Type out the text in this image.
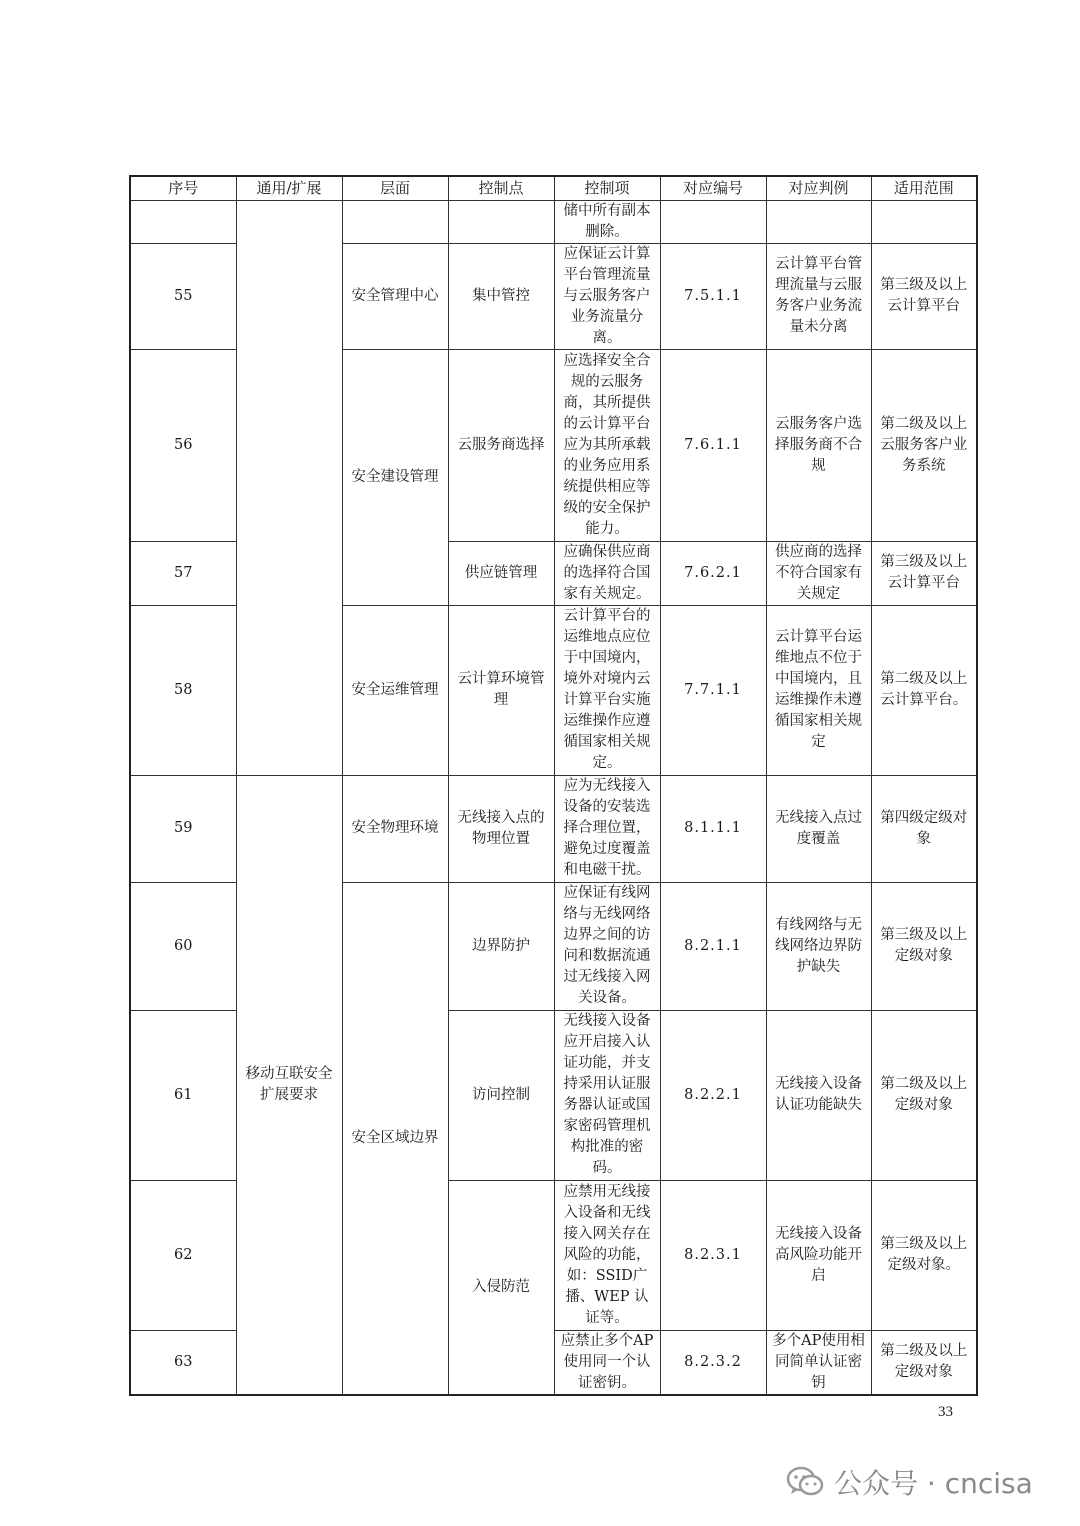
序号	通用/扩展	层面	控制点	控制项	对应编号	对应判例	适用范围
				储中所有副本删除。			
55		安全管理中心	集中管控	应保证云计算平台管理流量与云服务客户业务流量分离。	7.5.1.1	云计算平台管理流量与云服务客户业务流量未分离	第三级及以上云计算平台
56		安全建设管理	云服务商选择	应选择安全合规的云服务商，其所提供的云计算平台应为其所承载的业务应用系统提供相应等级的安全保护能力。	7.6.1.1	云服务客户选择服务商不合规	第二级及以上云服务客户业务系统
57			供应链管理	应确保供应商的选择符合国家有关规定。	7.6.2.1	供应商的选择不符合国家有关规定	第三级及以上云计算平台
58		安全运维管理	云计算环境管理	云计算平台的运维地点应位于中国境内，境外对境内云计算平台实施运维操作应遵循国家相关规定。	7.7.1.1	云计算平台运维地点不位于中国境内，且运维操作未遵循国家相关规定	第二级及以上云计算平台。
59	移动互联安全扩展要求	安全物理环境	无线接入点的物理位置	应为无线接入设备的安装选择合理位置，避免过度覆盖和电磁干扰。	8.1.1.1	无线接入点过度覆盖	第四级定级对象
60		安全区域边界	边界防护	应保证有线网络与无线网络边界之间的访问和数据流通过无线接入网关设备。	8.2.1.1	有线网络与无线网络边界防护缺失	第三级及以上定级对象
61			访问控制	无线接入设备应开启接入认证功能，并支持采用认证服务器认证或国家密码管理机构批准的密码。	8.2.2.1	无线接入设备认证功能缺失	第二级及以上定级对象
62			入侵防范	应禁用无线接入设备和无线接入网关存在风险的功能，如：SSID广播、WEP 认证等。	8.2.3.1	无线接入设备高风险功能开启	第三级及以上定级对象。
63				应禁止多个AP 使用同一个认证密钥。	8.2.3.2	多个AP使用相同简单认证密钥	第二级及以上定级对象
33
公众号 · cncisa
